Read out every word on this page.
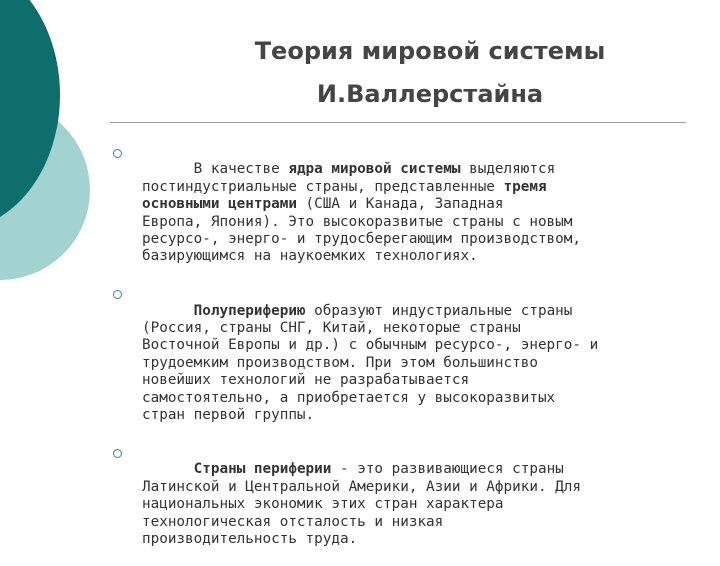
Теория мировой системы
И.Валлерстайна

В качестве ядра мировой системы выделяются
постиндустриальные страны, представленные тремя
основными центрами (США и Канада, Западная
Европа, Япония). Это высокоразвитые страны с новым
ресурсо-, энерго- и трудосберегающим производством,
базирующимся на наукоемких технологиях.

Полупериферию образуют индустриальные страны
(Россия, страны СНГ, Китай, некоторые страны
Восточной Европы и др.) с обычным ресурсо-, энерго- и
трудоемким производством. При этом большинство
новейших технологий не разрабатывается
самостоятельно, а приобретается у высокоразвитых
стран первой группы.

Страны периферии - это развивающиеся страны
Латинской и Центральной Америки, Азии и Африки. Для
национальных экономик этих стран характера
технологическая отсталость и низкая
производительность труда.
